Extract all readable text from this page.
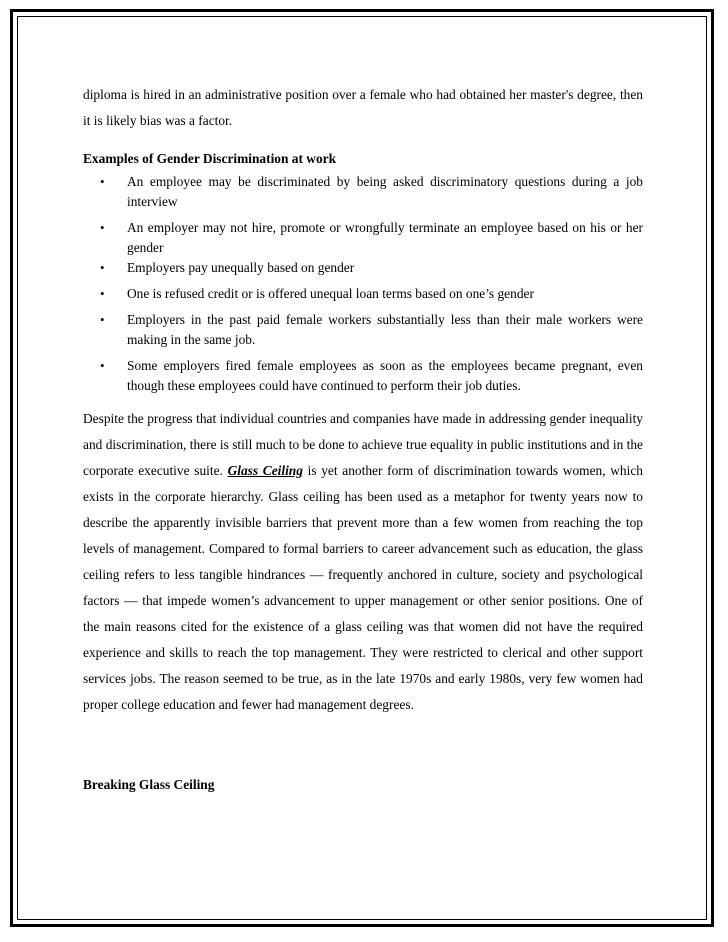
diploma is hired in an administrative position over a female who had obtained her master's degree, then it is likely bias was a factor.

Examples of Gender Discrimination at work

• An employee may be discriminated by being asked discriminatory questions during a job interview
• An employer may not hire, promote or wrongfully terminate an employee based on his or her gender
• Employers pay unequally based on gender
• One is refused credit or is offered unequal loan terms based on one’s gender
• Employers in the past paid female workers substantially less than their male workers were making in the same job.
• Some employers fired female employees as soon as the employees became pregnant, even though these employees could have continued to perform their job duties.

Despite the progress that individual countries and companies have made in addressing gender inequality and discrimination, there is still much to be done to achieve true equality in public institutions and in the corporate executive suite. Glass Ceiling is yet another form of discrimination towards women, which exists in the corporate hierarchy. Glass ceiling has been used as a metaphor for twenty years now to describe the apparently invisible barriers that prevent more than a few women from reaching the top levels of management. Compared to formal barriers to career advancement such as education, the glass ceiling refers to less tangible hindrances — frequently anchored in culture, society and psychological factors — that impede women’s advancement to upper management or other senior positions. One of the main reasons cited for the existence of a glass ceiling was that women did not have the required experience and skills to reach the top management. They were restricted to clerical and other support services jobs. The reason seemed to be true, as in the late 1970s and early 1980s, very few women had proper college education and fewer had management degrees.

Breaking Glass Ceiling
